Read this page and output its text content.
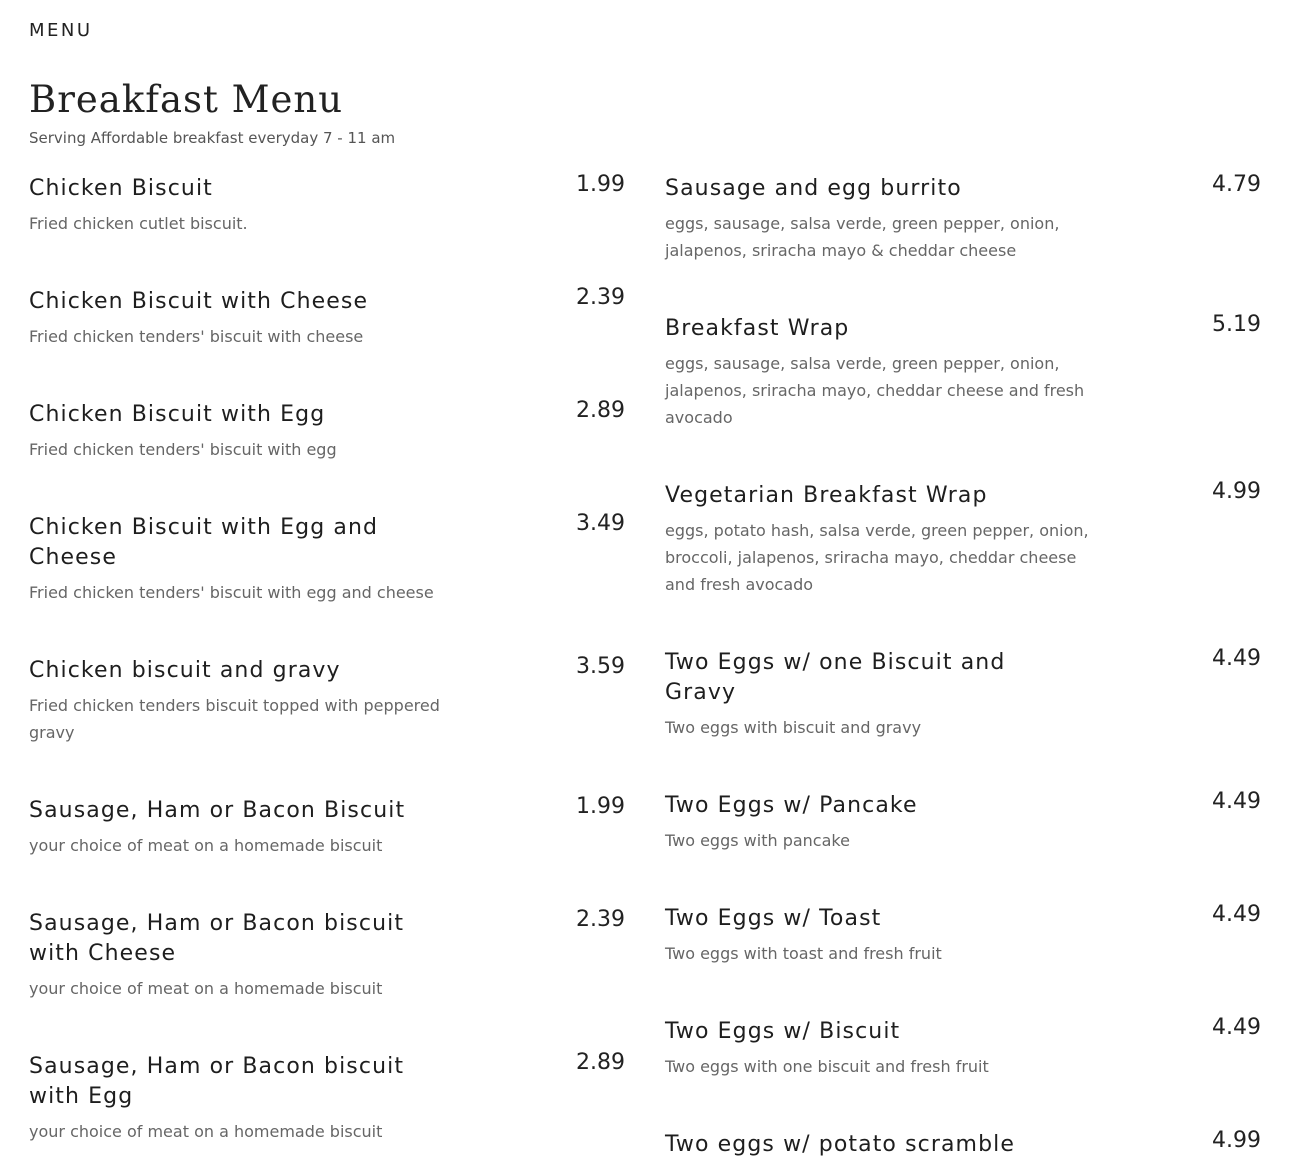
MENU
Breakfast Menu

Serving Affordable breakfast everyday 7 - 11 am

Chicken Biscuit	1.99
Fried chicken cutlet biscuit.
Chicken Biscuit with Cheese	2.39
Fried chicken tenders' biscuit with cheese
Chicken Biscuit with Egg	2.89
Fried chicken tenders' biscuit with egg
Chicken Biscuit with Egg and Cheese
3.49
Fried chicken tenders' biscuit with egg and cheese
Chicken biscuit and gravy	3.59
Fried chicken tenders biscuit topped with peppered gravy
Sausage, Ham or Bacon Biscuit	1.99
your choice of meat on a homemade biscuit
Sausage, Ham or Bacon biscuit with Cheese
2.39
your choice of meat on a homemade biscuit
Sausage, Ham or Bacon biscuit with Egg
2.89
your choice of meat on a homemade biscuit
Sausage and egg burrito	4.79
eggs, sausage, salsa verde, green pepper, onion, jalapenos, sriracha mayo & cheddar cheese
Breakfast Wrap	5.19
eggs, sausage, salsa verde, green pepper, onion, jalapenos, sriracha mayo, cheddar cheese and fresh avocado
Vegetarian Breakfast Wrap	4.99
eggs, potato hash, salsa verde, green pepper, onion, broccoli, jalapenos, sriracha mayo, cheddar cheese and fresh avocado
Two Eggs w/ one Biscuit and Gravy
4.49
Two eggs with biscuit and gravy
Two Eggs w/ Pancake	4.49
Two eggs with pancake
Two Eggs w/ Toast	4.49
Two eggs with toast and fresh fruit
Two Eggs w/ Biscuit	4.49
Two eggs with one biscuit and fresh fruit
Two eggs w/ potato scramble	4.99
